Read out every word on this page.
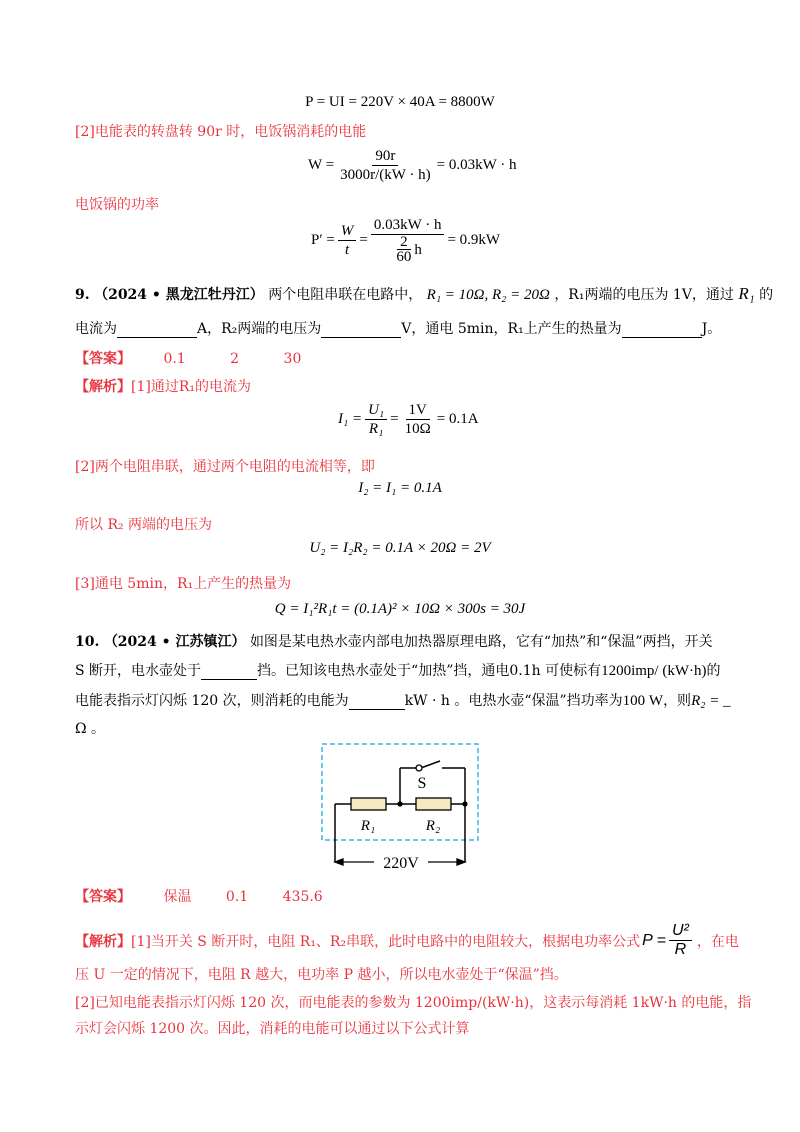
P = UI = 220V × 40A = 8800W
[2]电能表的转盘转 90r 时，电饭锅消耗的电能
$W = \frac{90r}{3000r/(kW \cdot h)} = 0.03kW \cdot h$
电饭锅的功率
$P' = \frac{W}{t} = \frac{0.03kW \cdot h}{\frac{2}{60} h} = 0.9kW$
9. （2024 • 黑龙江牡丹江） 两个电阻串联在电路中， R₁ = 10Ω, R₂ = 20Ω ，R₁两端的电压为 1V，通过 R₁ 的
电流为	A，R₂两端的电压为	V，通电 5min，R₁上产生的热量为	J。
【答案】 0.1	2	30
【解析】[1]通过R₁的电流为
$I_1 = \frac{\text{U₁}}{\text{R₁}} = \frac{1V}{10\Omega} = 0.1A$
[2]两个电阻串联，通过两个电阻的电流相等，即
I₂ = I₁ = 0.1A
所以 R₂ 两端的电压为
U₂ = I₂R₂ = 0.1A × 20Ω = 2V
[3]通电 5min，R₁上产生的热量为
Q = I₁²R₁t = (0.1A)² × 10Ω × 300s = 30J
10. （2024 • 江苏镇江） 如图是某电热水壶内部电加热器原理电路，它有“加热”和“保温”两挡，开关
S 断开，电水壶处于	挡。已知该电热水壶处于“加热”挡，通电0.1h 可使标有1200imp/ (kW·h)的
电能表指示灯闪烁 120 次，则消耗的电能为	kW · h 。电热水壶“保温”挡功率为100 W，则R₂ = _
Ω 。
S
R₁	R₂
220V
【答案】 保温 0.1 435.6
【解析】 [1]当开关 S 断开时，电阻 R₁、R₂串联，此时电路中的电阻较大，根据电功率公式 $P = \frac{\text{U²}}{R}$ ，在电
压 U 一定的情况下，电阻 R 越大，电功率 P 越小，所以电水壶处于“保温”挡。
[2]已知电能表指示灯闪烁 120 次，而电能表的参数为 1200imp/(kW·h)，这表示每消耗 1kW·h 的电能，指
示灯会闪烁 1200 次。因此，消耗的电能可以通过以下公式计算
